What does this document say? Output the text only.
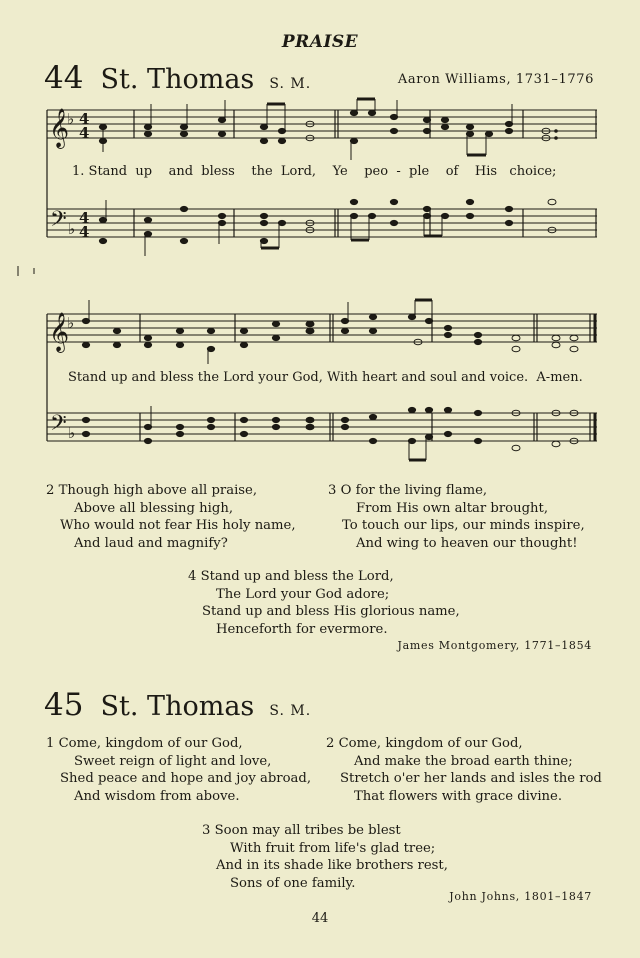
PRAISE
44 St. Thomas S. M.	Aaron Williams, 1731–1776
𝄞
𝄢
𝄞
𝄢
♭
♭
♭
♭
4
4
4
4
1. Stand  up    and  bless    the  Lord,    Ye    peo  -  ple    of    His   choice;
Stand up and bless the Lord your God, With heart and soul and voice.  A-men.
2 Though high above all praise,
Above all blessing high,
Who would not fear His holy name,
And laud and magnify?
3 O for the living flame,
From His own altar brought,
To touch our lips, our minds inspire,
And wing to heaven our thought!
4 Stand up and bless the Lord,
The Lord your God adore;
Stand up and bless His glorious name,
Henceforth for evermore.
James Montgomery, 1771–1854
45 St. Thomas S. M.
1 Come, kingdom of our God,
Sweet reign of light and love,
Shed peace and hope and joy abroad,
And wisdom from above.
2 Come, kingdom of our God,
And make the broad earth thine;
Stretch o'er her lands and isles the rod
That flowers with grace divine.
3 Soon may all tribes be blest
With fruit from life's glad tree;
And in its shade like brothers rest,
Sons of one family.
John Johns, 1801–1847
44
